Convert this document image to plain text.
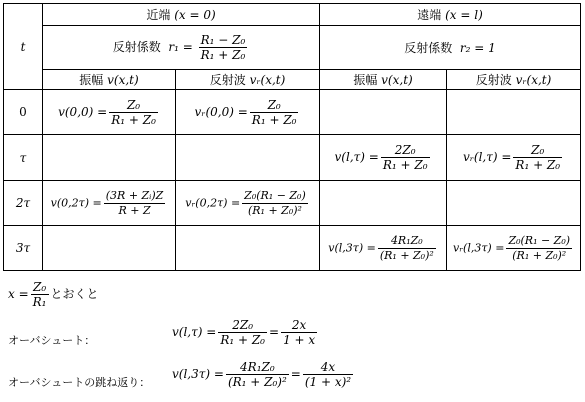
t	近端 (x = 0)		遠端 (x = l)	
	反射係数 $r_1 = \frac{\text{R₁ − Z₀}}{\text{R₁ + Z₀}}$		反射係数 r₂ = 1	
	振幅 v(x,t)	反射波 vᵣ(x,t)	振幅 v(x,t)	反射波 vᵣ(x,t)
0	$v(0,0) = \frac{\text{Z₀}}{\text{R₁ + Z₀}}$	vᵣ(0,0) = $\frac{\text{Z₀}}{\text{R₁ + Z₀}}$

τ			$v(l,\tau) = \frac{\text{2Z₀}}{\text{R₁ + Z₀}}$	vᵣ(l,τ) = $\frac{\text{Z₀}}{\text{R₁ + Z₀}}$

2τ	$v(0,2\tau) = \frac{\text{(3R + Zᵢ)Z}}{R + Z}$	vᵣ(0,2τ) = $\frac{\text{Z₀(R₁ − Z₀)}}{\text{(R₁ + Z₀)²}}$

3τ			$v(l,3\tau) = \frac{\text{4R₁Z₀}}{\text{(R₁ + Z₀)²}}$	vᵣ(l,3τ) = $\frac{\text{Z₀(R₁ − Z₀)}}{\text{(R₁ + Z₀)²}}$
$x = \frac{\text{Z₀}}{\text{R₁}}$ とおくと
オーバシュート：
$v(l,\tau) = \frac{\text{2Z₀}}{\text{R₁ + Z₀}} = \frac{2x}{1 + x}$
オーバシュートの跳ね返り：
$v(l,3\tau) = \frac{\text{4R₁Z₀}}{\text{(R₁ + Z₀)²}} = \frac{4x}{\text{(1 + x)²}}$
